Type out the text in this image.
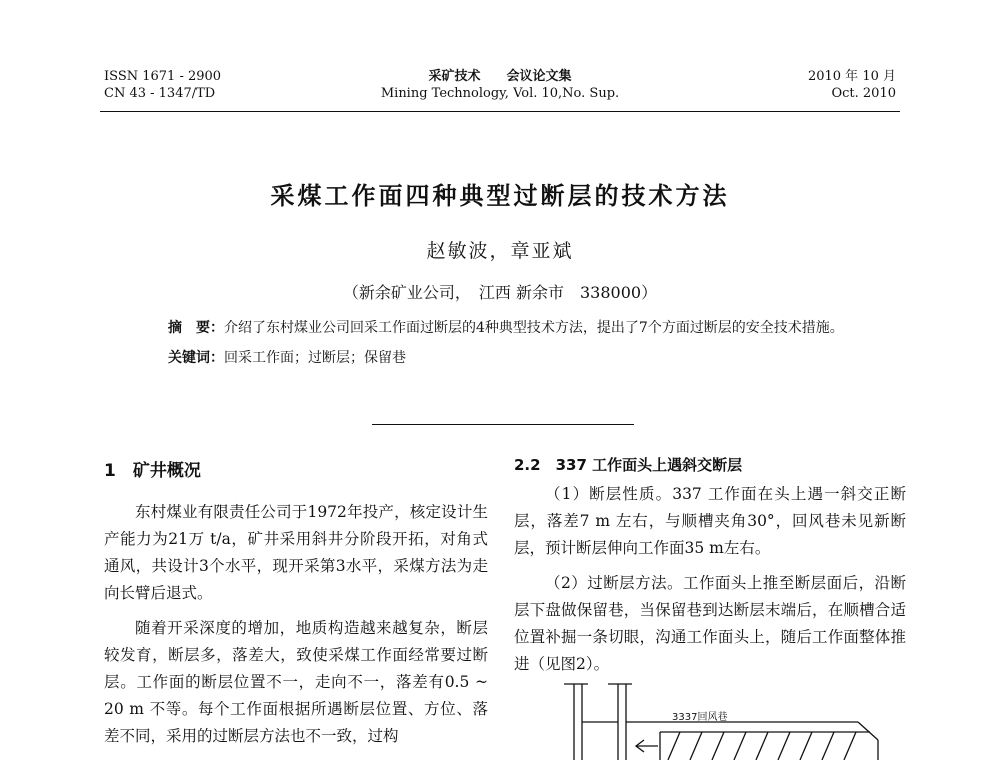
ISSN 1671 - 2900
CN 43 - 1347/TD
采矿技术　　会议论文集
Mining Technology, Vol. 10,No. Sup.
2010 年 10 月
Oct. 2010
采煤工作面四种典型过断层的技术方法
赵敏波，章亚斌
（新余矿业公司，　江西 新余市　338000）
摘　要：介绍了东村煤业公司回采工作面过断层的4种典型技术方法，提出了7个方面过断层的安全技术措施。
关键词：回采工作面；过断层；保留巷
1　矿井概况

东村煤业有限责任公司于1972年投产，核定设计生产能力为21万 t/a，矿井采用斜井分阶段开拓，对角式通风，共设计3个水平，现开采第3水平，采煤方法为走向长臂后退式。

随着开采深度的增加，地质构造越来越复杂，断层较发育，断层多，落差大，致使采煤工作面经常要过断层。工作面的断层位置不一，走向不一，落差有0.5 ~ 20 m 不等。每个工作面根据所遇断层位置、方位、落差不同，采用的过断层方法也不一致，过构

2.2　337 工作面头上遇斜交断层

（1）断层性质。337 工作面在头上遇一斜交正断层，落差7 m 左右，与顺槽夹角30°，回风巷未见新断层，预计断层伸向工作面35 m左右。

（2）过断层方法。工作面头上推至断层面后，沿断层下盘做保留巷，当保留巷到达断层末端后，在顺槽合适位置补掘一条切眼，沟通工作面头上，随后工作面整体推进（见图2）。

3337回风巷
